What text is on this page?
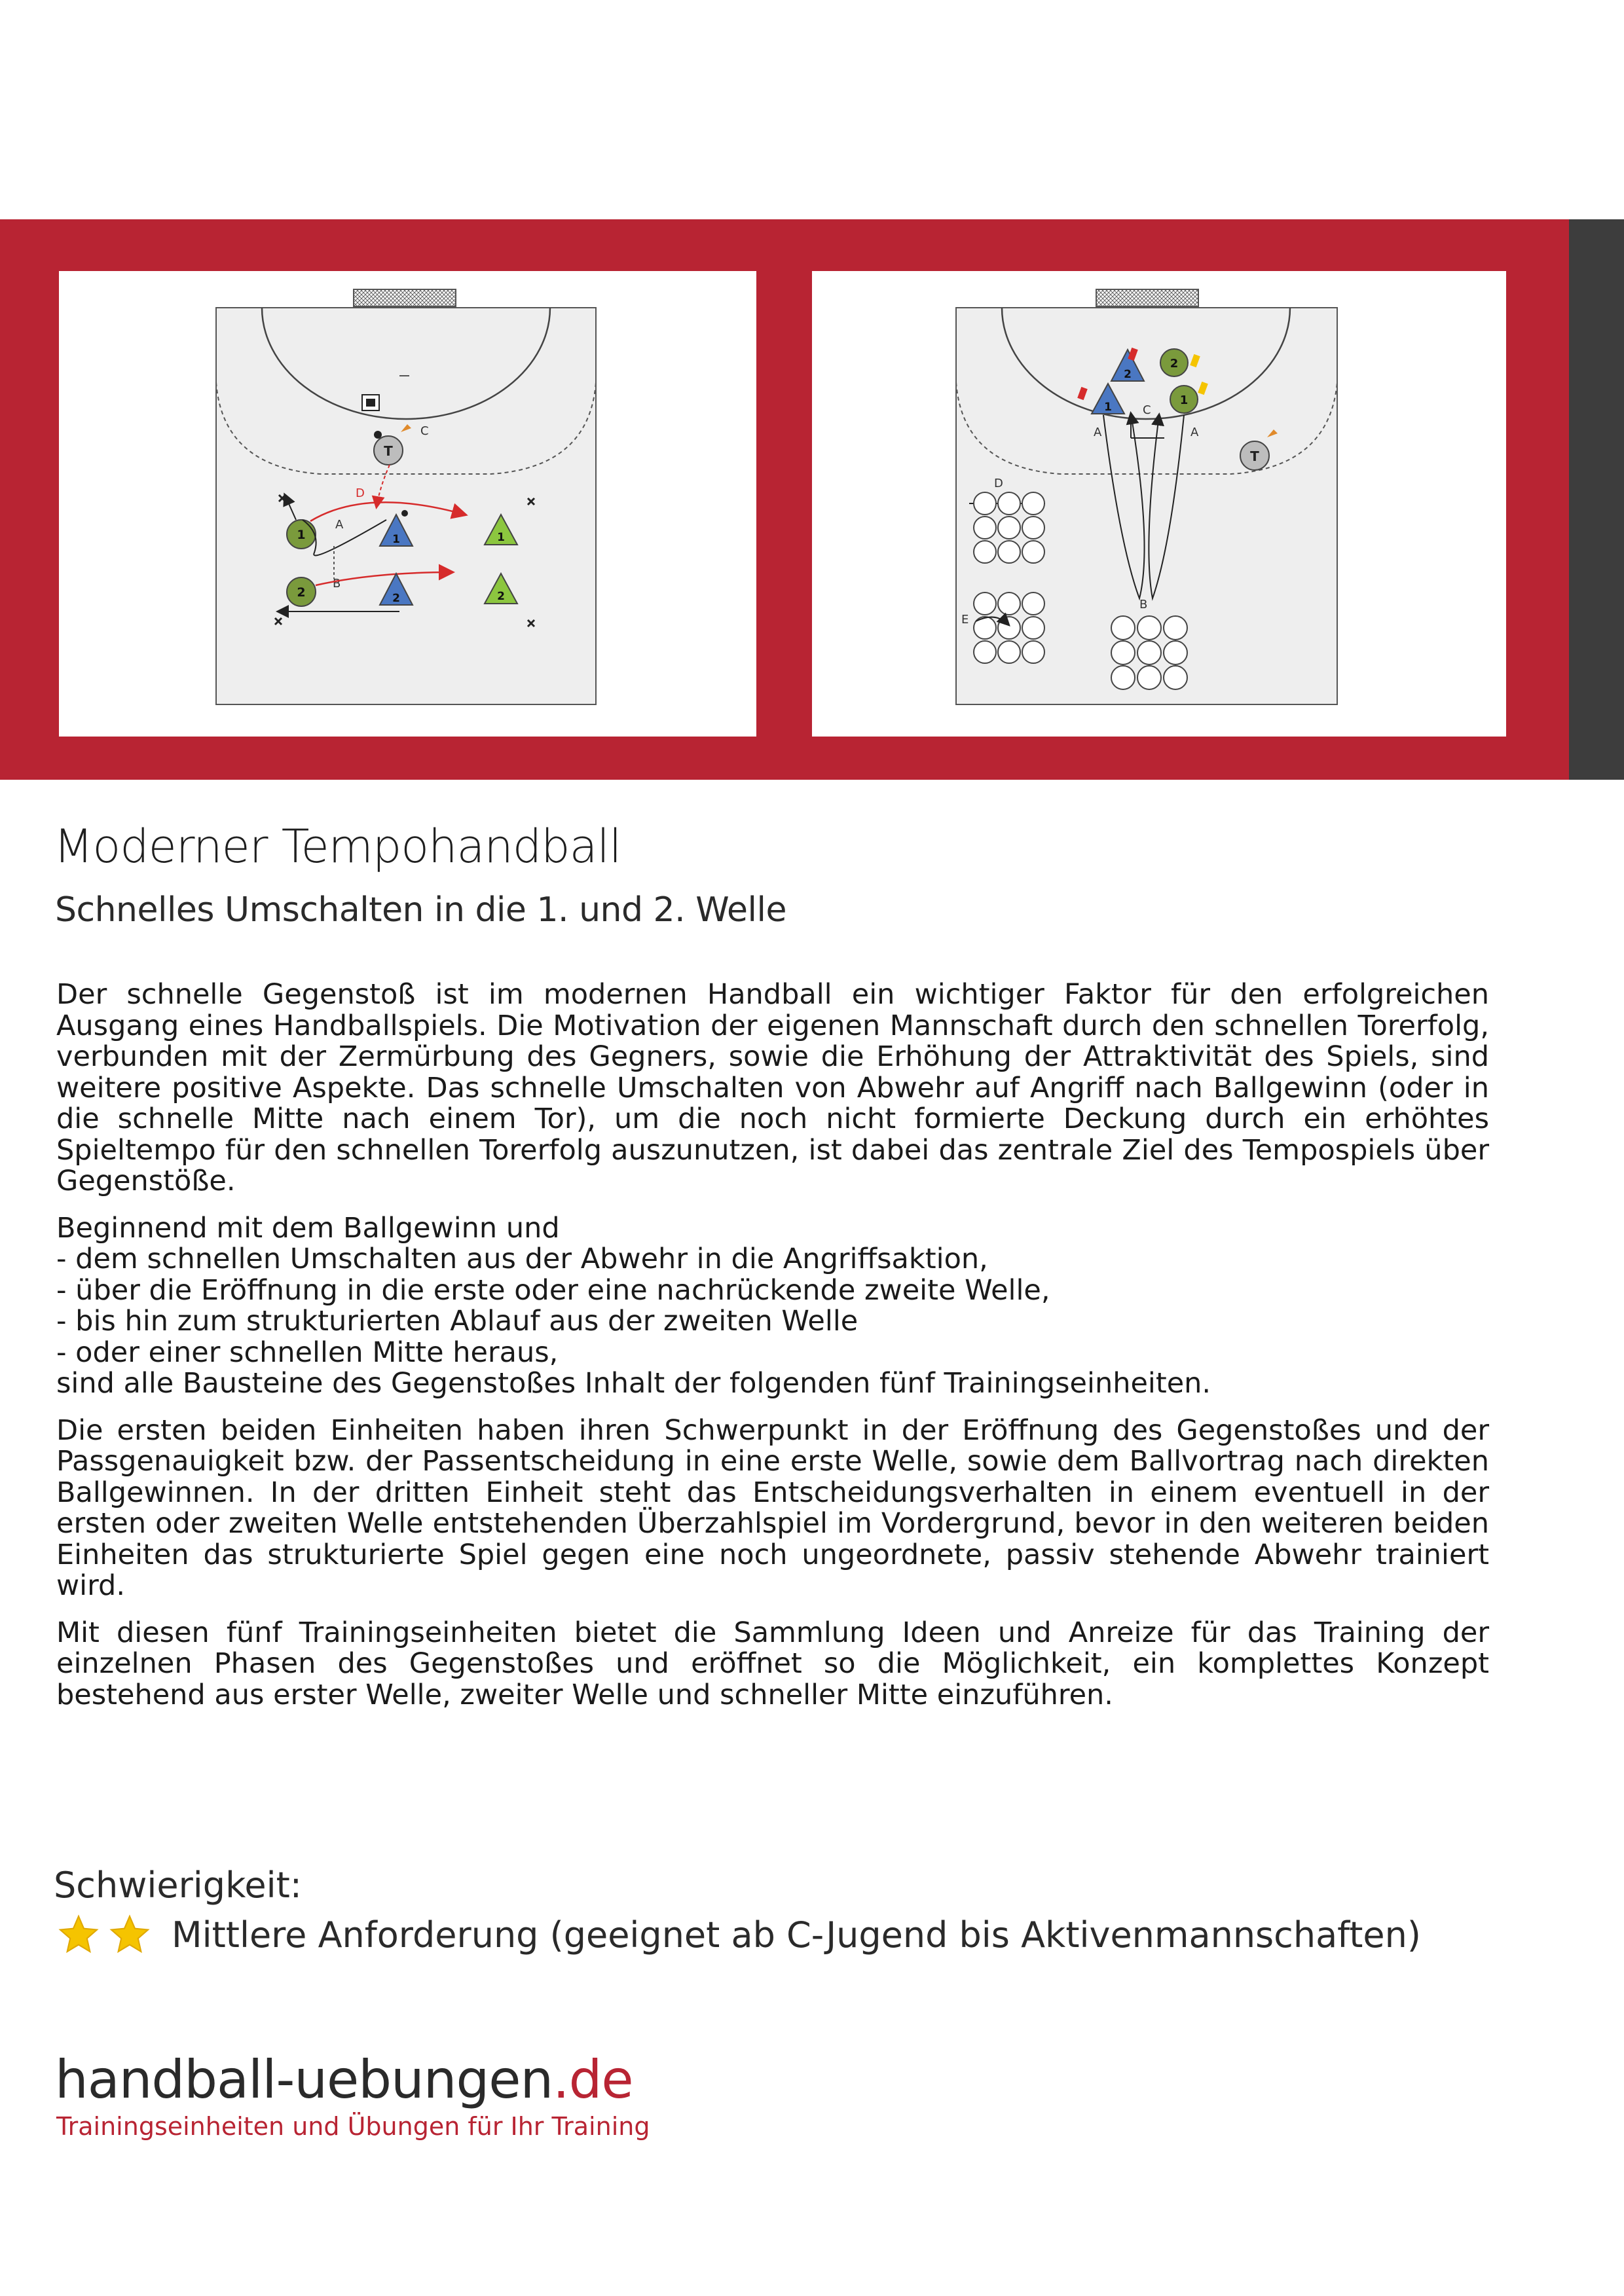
T
C
D
1
A
1	1
B
2	2	2
2
1
2
1
A	A
C
B
T
D
E
Moderner Tempohandball
Schnelles Umschalten in die 1. und 2. Welle

Der schnelle Gegenstoß ist im modernen Handball ein wichtiger Faktor für den erfolgreichen Ausgang eines Handballspiels. Die Motivation der eigenen Mannschaft durch den schnellen Torerfolg, verbunden mit der Zermürbung des Gegners, sowie die Erhöhung der Attraktivität des Spiels, sind weitere positive Aspekte. Das schnelle Umschalten von Abwehr auf Angriff nach Ballgewinn (oder in die schnelle Mitte nach einem Tor), um die noch nicht formierte Deckung durch ein erhöhtes Spieltempo für den schnellen Torerfolg auszunutzen, ist dabei das zentrale Ziel des Tempospiels über Gegenstöße.

Beginnend mit dem Ballgewinn und
- dem schnellen Umschalten aus der Abwehr in die Angriffsaktion,
- über die Eröffnung in die erste oder eine nachrückende zweite Welle,
- bis hin zum strukturierten Ablauf aus der zweiten Welle
- oder einer schnellen Mitte heraus,
sind alle Bausteine des Gegenstoßes Inhalt der folgenden fünf Trainingseinheiten.

Die ersten beiden Einheiten haben ihren Schwerpunkt in der Eröffnung des Gegenstoßes und der Passgenauigkeit bzw. der Passentscheidung in eine erste Welle, sowie dem Ballvortrag nach direkten Ballgewinnen. In der dritten Einheit steht das Entscheidungsverhalten in einem eventuell in der ersten oder zweiten Welle entstehenden Überzahlspiel im Vordergrund, bevor in den weiteren beiden Einheiten das strukturierte Spiel gegen eine noch ungeordnete, passiv stehende Abwehr trainiert wird.

Mit diesen fünf Trainingseinheiten bietet die Sammlung Ideen und Anreize für das Training der einzelnen Phasen des Gegenstoßes und eröffnet so die Möglichkeit, ein komplettes Konzept bestehend aus erster Welle, zweiter Welle und schneller Mitte einzuführen.

Schwierigkeit:
Mittlere Anforderung (geeignet ab C-Jugend bis Aktivenmannschaften)
handball-uebungen.de
Trainingseinheiten und Übungen für Ihr Training
